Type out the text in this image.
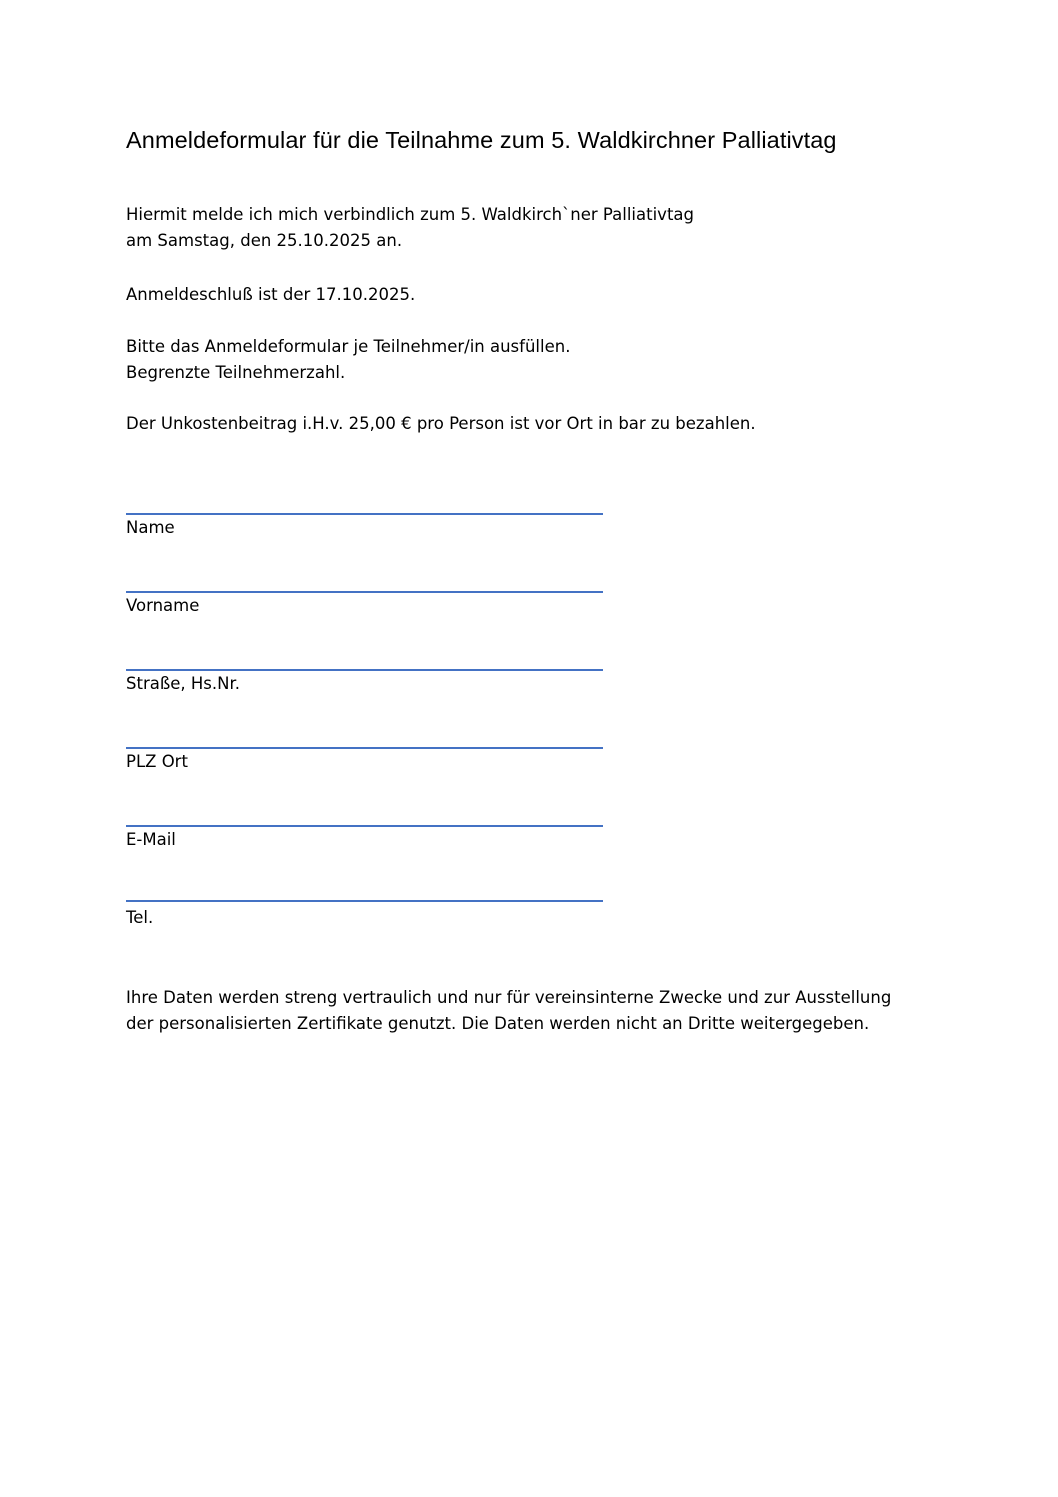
Anmeldeformular für die Teilnahme zum 5. Waldkirchner Palliativtag
Hiermit melde ich mich verbindlich zum 5. Waldkirch`ner Palliativtag
am Samstag, den 25.10.2025 an.
Anmeldeschluß ist der 17.10.2025.
Bitte das Anmeldeformular je Teilnehmer/in ausfüllen.
Begrenzte Teilnehmerzahl.
Der Unkostenbeitrag i.H.v. 25,00 € pro Person ist vor Ort in bar zu bezahlen.
Name
Vorname
Straße, Hs.Nr.
PLZ Ort
E-Mail
Tel.
Ihre Daten werden streng vertraulich und nur für vereinsinterne Zwecke und zur Ausstellung
der personalisierten Zertifikate genutzt. Die Daten werden nicht an Dritte weitergegeben.
